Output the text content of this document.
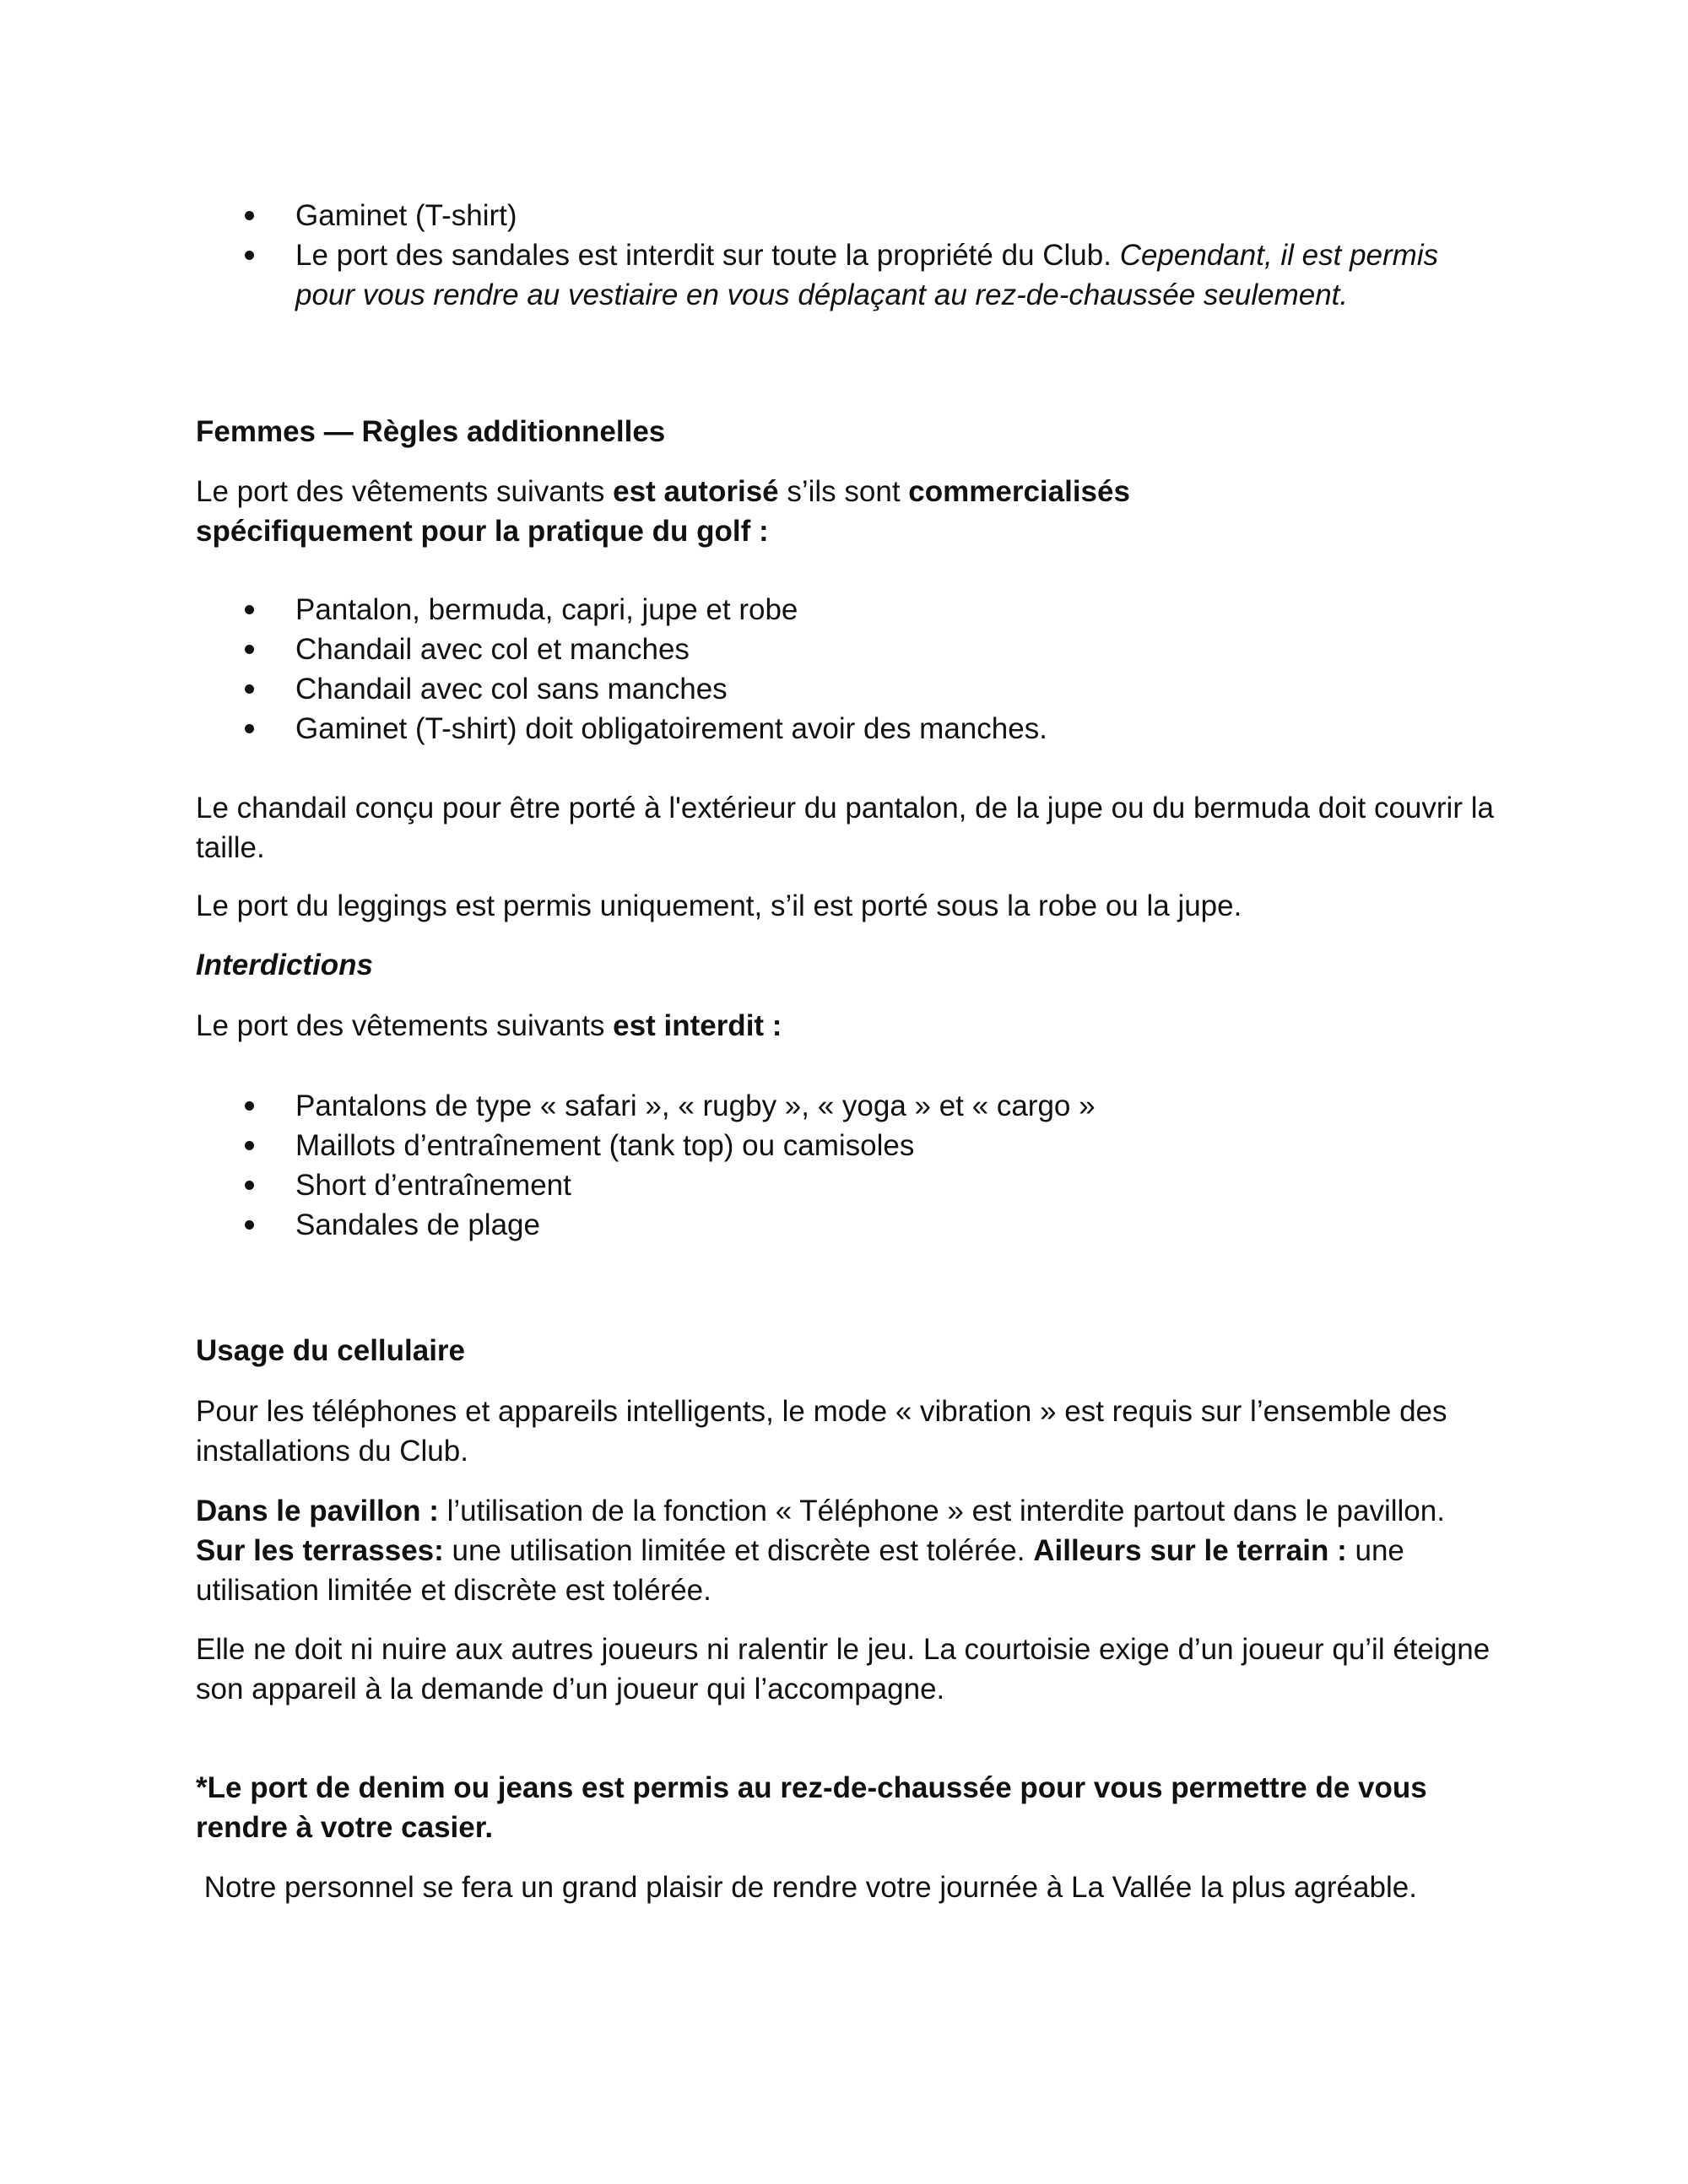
Gaminet (T-shirt)
Le port des sandales est interdit sur toute la propriété du Club. Cependant, il est permis pour vous rendre au vestiaire en vous déplaçant au rez-de-chaussée seulement.
Femmes — Règles additionnelles

Le port des vêtements suivants est autorisé s’ils sont commercialisés spécifiquement pour la pratique du golf :

Pantalon, bermuda, capri, jupe et robe
Chandail avec col et manches
Chandail avec col sans manches
Gaminet (T-shirt) doit obligatoirement avoir des manches.

Le chandail conçu pour être porté à l'extérieur du pantalon, de la jupe ou du bermuda doit couvrir la taille.

Le port du leggings est permis uniquement, s’il est porté sous la robe ou la jupe.

Interdictions

Le port des vêtements suivants est interdit :

Pantalons de type « safari », « rugby », « yoga » et « cargo »
Maillots d’entraînement (tank top) ou camisoles
Short d’entraînement
Sandales de plage
Usage du cellulaire

Pour les téléphones et appareils intelligents, le mode « vibration » est requis sur l’ensemble des installations du Club.

Dans le pavillon : l’utilisation de la fonction « Téléphone » est interdite partout dans le pavillon. Sur les terrasses: une utilisation limitée et discrète est tolérée. Ailleurs sur le terrain : une utilisation limitée et discrète est tolérée.

Elle ne doit ni nuire aux autres joueurs ni ralentir le jeu. La courtoisie exige d’un joueur qu’il éteigne son appareil à la demande d’un joueur qui l’accompagne.

*Le port de denim ou jeans est permis au rez-de-chaussée pour vous permettre de vous rendre à votre casier.

Notre personnel se fera un grand plaisir de rendre votre journée à La Vallée la plus agréable.
